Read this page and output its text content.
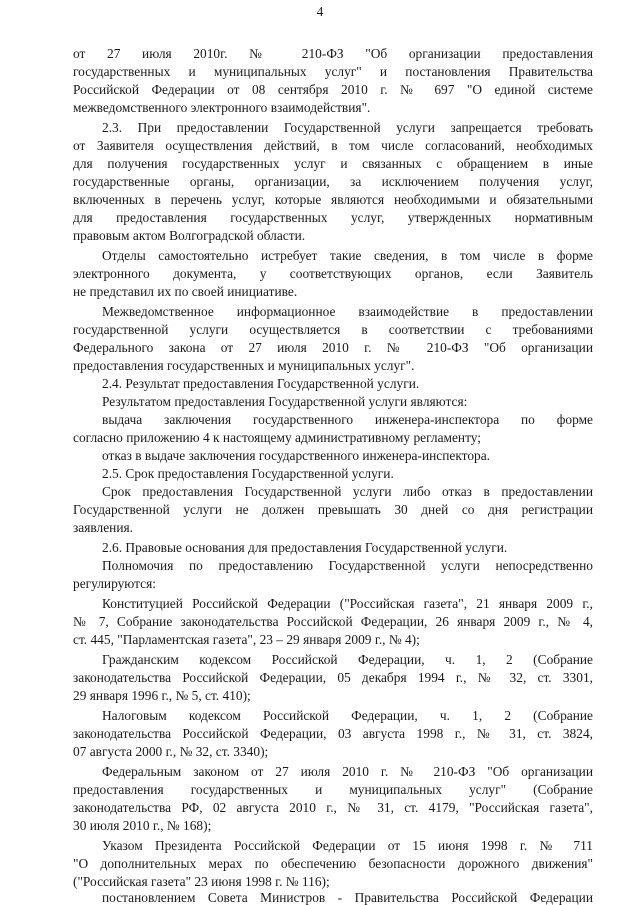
4
от 27 июля 2010г. № 210-ФЗ "Об организации предоставления
государственных и муниципальных услуг" и постановления Правительства
Российской Федерации от 08 сентября 2010 г. № 697 "О единой системе
межведомственного электронного взаимодействия".
2.3. При предоставлении Государственной услуги запрещается требовать
от Заявителя осуществления действий, в том числе согласований, необходимых
для получения государственных услуг и связанных с обращением в иные
государственные органы, организации, за исключением получения услуг,
включенных в перечень услуг, которые являются необходимыми и обязательными
для предоставления государственных услуг, утвержденных нормативным
правовым актом Волгоградской области.
Отделы самостоятельно истребует такие сведения, в том числе в форме
электронного документа, у соответствующих органов, если Заявитель
не представил их по своей инициативе.
Межведомственное информационное взаимодействие в предоставлении
государственной услуги осуществляется в соответствии с требованиями
Федерального закона от 27 июля 2010 г. № 210-ФЗ "Об организации
предоставления государственных и муниципальных услуг".
2.4. Результат предоставления Государственной услуги.
Результатом предоставления Государственной услуги являются:
выдача заключения государственного инженера-инспектора по форме
согласно приложению 4 к настоящему административному регламенту;
отказ в выдаче заключения государственного инженера-инспектора.
2.5. Срок предоставления Государственной услуги.
Срок предоставления Государственной услуги либо отказ в предоставлении
Государственной услуги не должен превышать 30 дней со дня регистрации
заявления.
2.6. Правовые основания для предоставления Государственной услуги.
Полномочия по предоставлению Государственной услуги непосредственно
регулируются:
Конституцией Российской Федерации ("Российская газета", 21 января 2009 г.,
№ 7, Собрание законодательства Российской Федерации, 26 января 2009 г., № 4,
ст. 445, "Парламентская газета", 23 – 29 января 2009 г., № 4);
Гражданским кодексом Российской Федерации, ч. 1, 2 (Собрание
законодательства Российской Федерации, 05 декабря 1994 г., № 32, ст. 3301,
29 января 1996 г., № 5, ст. 410);
Налоговым кодексом Российской Федерации, ч. 1, 2 (Собрание
законодательства Российской Федерации, 03 августа 1998 г., № 31, ст. 3824,
07 августа 2000 г., № 32, ст. 3340);
Федеральным законом от 27 июля 2010 г. № 210-ФЗ "Об организации
предоставления государственных и муниципальных услуг" (Собрание
законодательства РФ, 02 августа 2010 г., № 31, ст. 4179, "Российская газета",
30 июля 2010 г., № 168);
Указом Президента Российской Федерации от 15 июня 1998 г. № 711
"О дополнительных мерах по обеспечению безопасности дорожного движения"
("Российская газета" 23 июня 1998 г. № 116);
постановлением Совета Министров - Правительства Российской Федерации
